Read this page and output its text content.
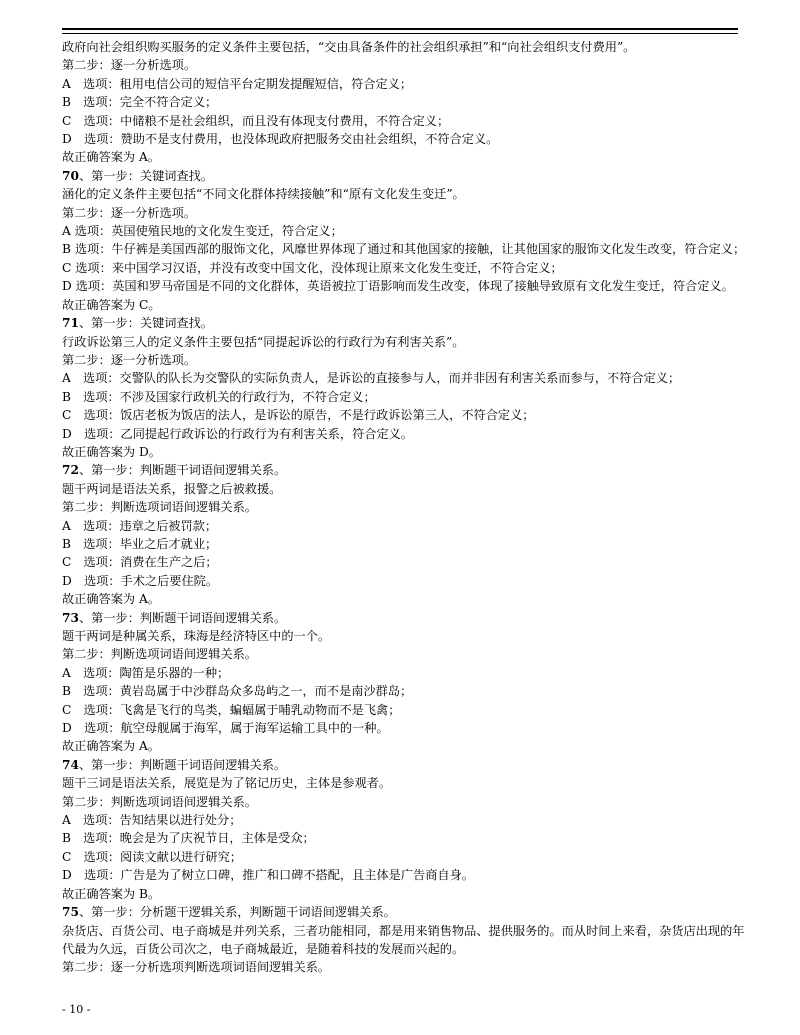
政府向社会组织购买服务的定义条件主要包括，“交由具备条件的社会组织承担”和“向社会组织支付费用”。
第二步：逐一分析选项。
A　选项：租用电信公司的短信平台定期发提醒短信，符合定义；
B　选项：完全不符合定义；
C　选项：中储粮不是社会组织，而且没有体现支付费用，不符合定义；
D　选项：赞助不是支付费用，也没体现政府把服务交由社会组织，不符合定义。
故正确答案为 A。
70、第一步：关键词查找。
涵化的定义条件主要包括“不同文化群体持续接触”和“原有文化发生变迁”。
第二步：逐一分析选项。
A 选项：英国使殖民地的文化发生变迁，符合定义；
B 选项：牛仔裤是美国西部的服饰文化，风靡世界体现了通过和其他国家的接触，让其他国家的服饰文化发生改变，符合定义；
C 选项：来中国学习汉语，并没有改变中国文化，没体现让原来文化发生变迁，不符合定义；
D 选项：英国和罗马帝国是不同的文化群体，英语被拉丁语影响而发生改变，体现了接触导致原有文化发生变迁，符合定义。
故正确答案为 C。
71、第一步：关键词查找。
行政诉讼第三人的定义条件主要包括“同提起诉讼的行政行为有利害关系”。
第二步：逐一分析选项。
A　选项：交警队的队长为交警队的实际负责人，是诉讼的直接参与人，而并非因有利害关系而参与，不符合定义；
B　选项：不涉及国家行政机关的行政行为，不符合定义；
C　选项：饭店老板为饭店的法人，是诉讼的原告，不是行政诉讼第三人，不符合定义；
D　选项：乙同提起行政诉讼的行政行为有利害关系，符合定义。
故正确答案为 D。
72、第一步：判断题干词语间逻辑关系。
题干两词是语法关系，报警之后被救援。
第二步：判断选项词语间逻辑关系。
A　选项：违章之后被罚款；
B　选项：毕业之后才就业；
C　选项：消费在生产之后；
D　选项：手术之后要住院。
故正确答案为 A。
73、第一步：判断题干词语间逻辑关系。
题干两词是种属关系，珠海是经济特区中的一个。
第二步：判断选项词语间逻辑关系。
A　选项：陶笛是乐器的一种；
B　选项：黄岩岛属于中沙群岛众多岛屿之一，而不是南沙群岛；
C　选项：飞禽是飞行的鸟类，蝙蝠属于哺乳动物而不是飞禽；
D　选项：航空母舰属于海军，属于海军运输工具中的一种。
故正确答案为 A。
74、第一步：判断题干词语间逻辑关系。
题干三词是语法关系，展览是为了铭记历史，主体是参观者。
第二步：判断选项词语间逻辑关系。
A　选项：告知结果以进行处分；
B　选项：晚会是为了庆祝节日，主体是受众；
C　选项：阅读文献以进行研究；
D　选项：广告是为了树立口碑，推广和口碑不搭配，且主体是广告商自身。
故正确答案为 B。
75、第一步：分析题干逻辑关系，判断题干词语间逻辑关系。
杂货店、百货公司、电子商城是并列关系，三者功能相同，都是用来销售物品、提供服务的。而从时间上来看，杂货店出现的年代最为久远，百货公司次之，电子商城最近，是随着科技的发展而兴起的。
第二步：逐一分析选项判断选项词语间逻辑关系。
- 10 -
